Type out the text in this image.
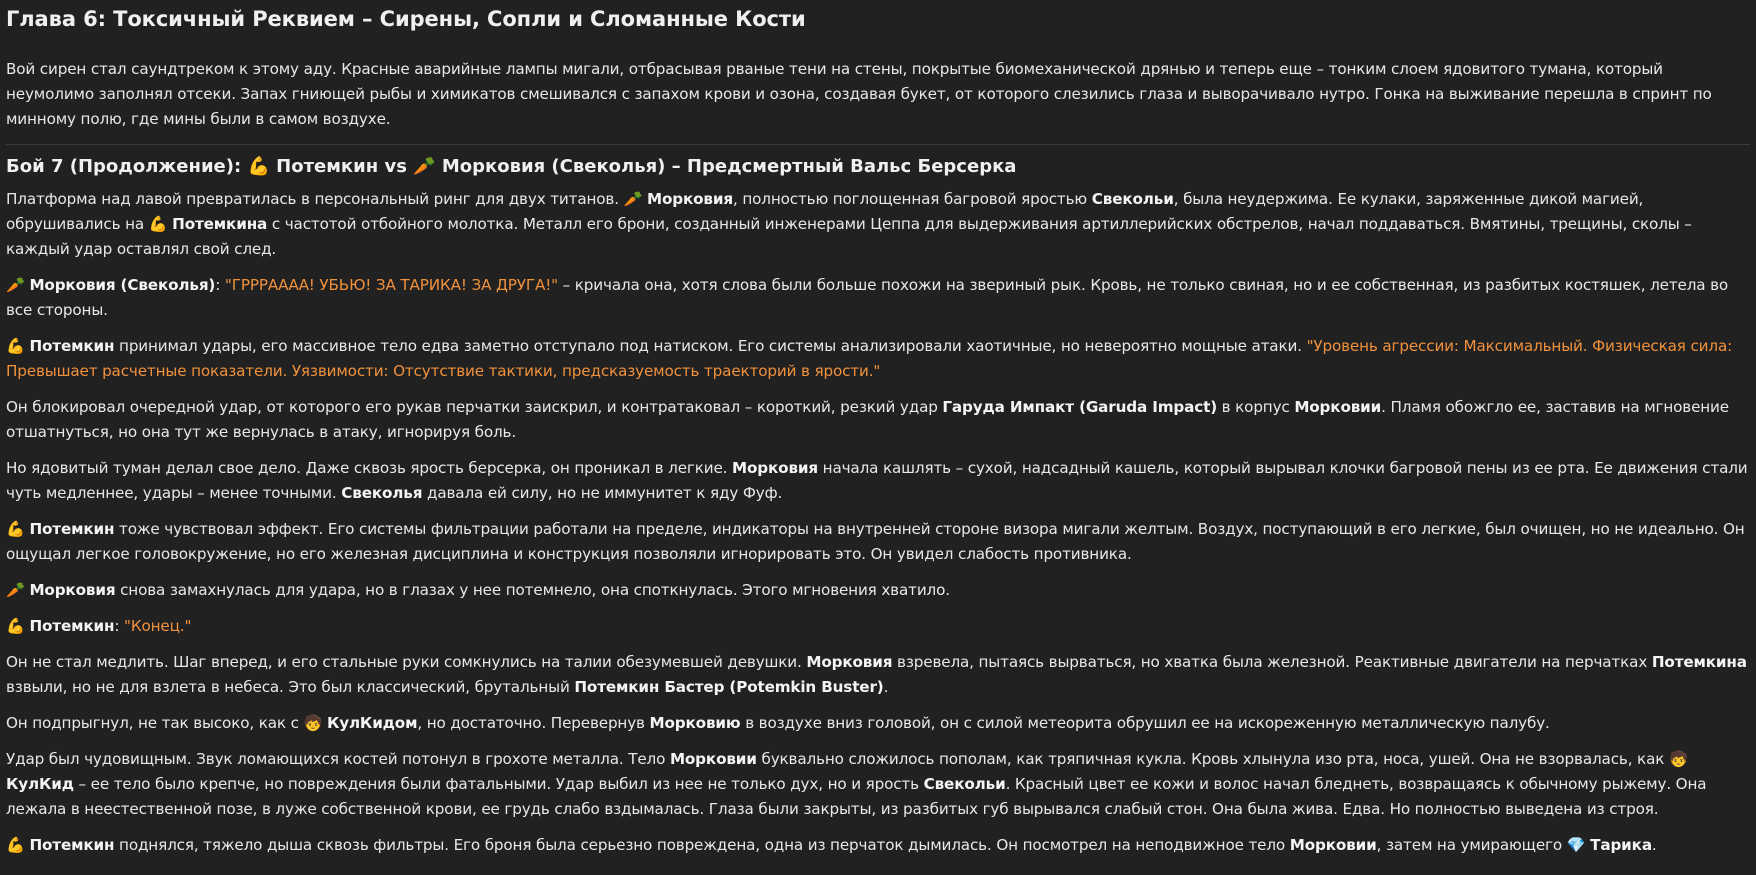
Глава 6: Токсичный Реквием – Сирены, Сопли и Сломанные Кости

Вой сирен стал саундтреком к этому аду. Красные аварийные лампы мигали, отбрасывая рваные тени на стены, покрытые биомеханической дрянью и теперь еще – тонким слоем ядовитого тумана, который неумолимо заполнял отсеки. Запах гниющей рыбы и химикатов смешивался с запахом крови и озона, создавая букет, от которого слезились глаза и выворачивало нутро. Гонка на выживание перешла в спринт по минному полю, где мины были в самом воздухе.

Бой 7 (Продолжение): 💪 Потемкин vs 🥕 Морковия (Свеколья) – Предсмертный Вальс Берсерка

Платформа над лавой превратилась в персональный ринг для двух титанов. 🥕 Морковия, полностью поглощенная багровой яростью Свекольи, была неудержима. Ее кулаки, заряженные дикой магией, обрушивались на 💪 Потемкина с частотой отбойного молотка. Металл его брони, созданный инженерами Цеппа для выдерживания артиллерийских обстрелов, начал поддаваться. Вмятины, трещины, сколы – каждый удар оставлял свой след.

🥕 Морковия (Свеколья): "ГРРРАААА! УБЬЮ! ЗА ТАРИКА! ЗА ДРУГА!" – кричала она, хотя слова были больше похожи на звериный рык. Кровь, не только свиная, но и ее собственная, из разбитых костяшек, летела во все стороны.

💪 Потемкин принимал удары, его массивное тело едва заметно отступало под натиском. Его системы анализировали хаотичные, но невероятно мощные атаки. "Уровень агрессии: Максимальный. Физическая сила: Превышает расчетные показатели. Уязвимости: Отсутствие тактики, предсказуемость траекторий в ярости."

Он блокировал очередной удар, от которого его рукав перчатки заискрил, и контратаковал – короткий, резкий удар Гаруда Импакт (Garuda Impact) в корпус Морковии. Пламя обожгло ее, заставив на мгновение отшатнуться, но она тут же вернулась в атаку, игнорируя боль.

Но ядовитый туман делал свое дело. Даже сквозь ярость берсерка, он проникал в легкие. Морковия начала кашлять – сухой, надсадный кашель, который вырывал клочки багровой пены из ее рта. Ее движения стали чуть медленнее, удары – менее точными. Свеколья давала ей силу, но не иммунитет к яду Фуф.

💪 Потемкин тоже чувствовал эффект. Его системы фильтрации работали на пределе, индикаторы на внутренней стороне визора мигали желтым. Воздух, поступающий в его легкие, был очищен, но не идеально. Он ощущал легкое головокружение, но его железная дисциплина и конструкция позволяли игнорировать это. Он увидел слабость противника.

🥕 Морковия снова замахнулась для удара, но в глазах у нее потемнело, она споткнулась. Этого мгновения хватило.

💪 Потемкин: "Конец."

Он не стал медлить. Шаг вперед, и его стальные руки сомкнулись на талии обезумевшей девушки. Морковия взревела, пытаясь вырваться, но хватка была железной. Реактивные двигатели на перчатках Потемкина взвыли, но не для взлета в небеса. Это был классический, брутальный Потемкин Бастер (Potemkin Buster).

Он подпрыгнул, не так высоко, как с 🧒 КулКидом, но достаточно. Перевернув Морковию в воздухе вниз головой, он с силой метеорита обрушил ее на искореженную металлическую палубу.

Удар был чудовищным. Звук ломающихся костей потонул в грохоте металла. Тело Морковии буквально сложилось пополам, как тряпичная кукла. Кровь хлынула изо рта, носа, ушей. Она не взорвалась, как 🧒 КулКид – ее тело было крепче, но повреждения были фатальными. Удар выбил из нее не только дух, но и ярость Свекольи. Красный цвет ее кожи и волос начал бледнеть, возвращаясь к обычному рыжему. Она лежала в неестественной позе, в луже собственной крови, ее грудь слабо вздымалась. Глаза были закрыты, из разбитых губ вырывался слабый стон. Она была жива. Едва. Но полностью выведена из строя.

💪 Потемкин поднялся, тяжело дыша сквозь фильтры. Его броня была серьезно повреждена, одна из перчаток дымилась. Он посмотрел на неподвижное тело Морковии, затем на умирающего 💎 Тарика.
